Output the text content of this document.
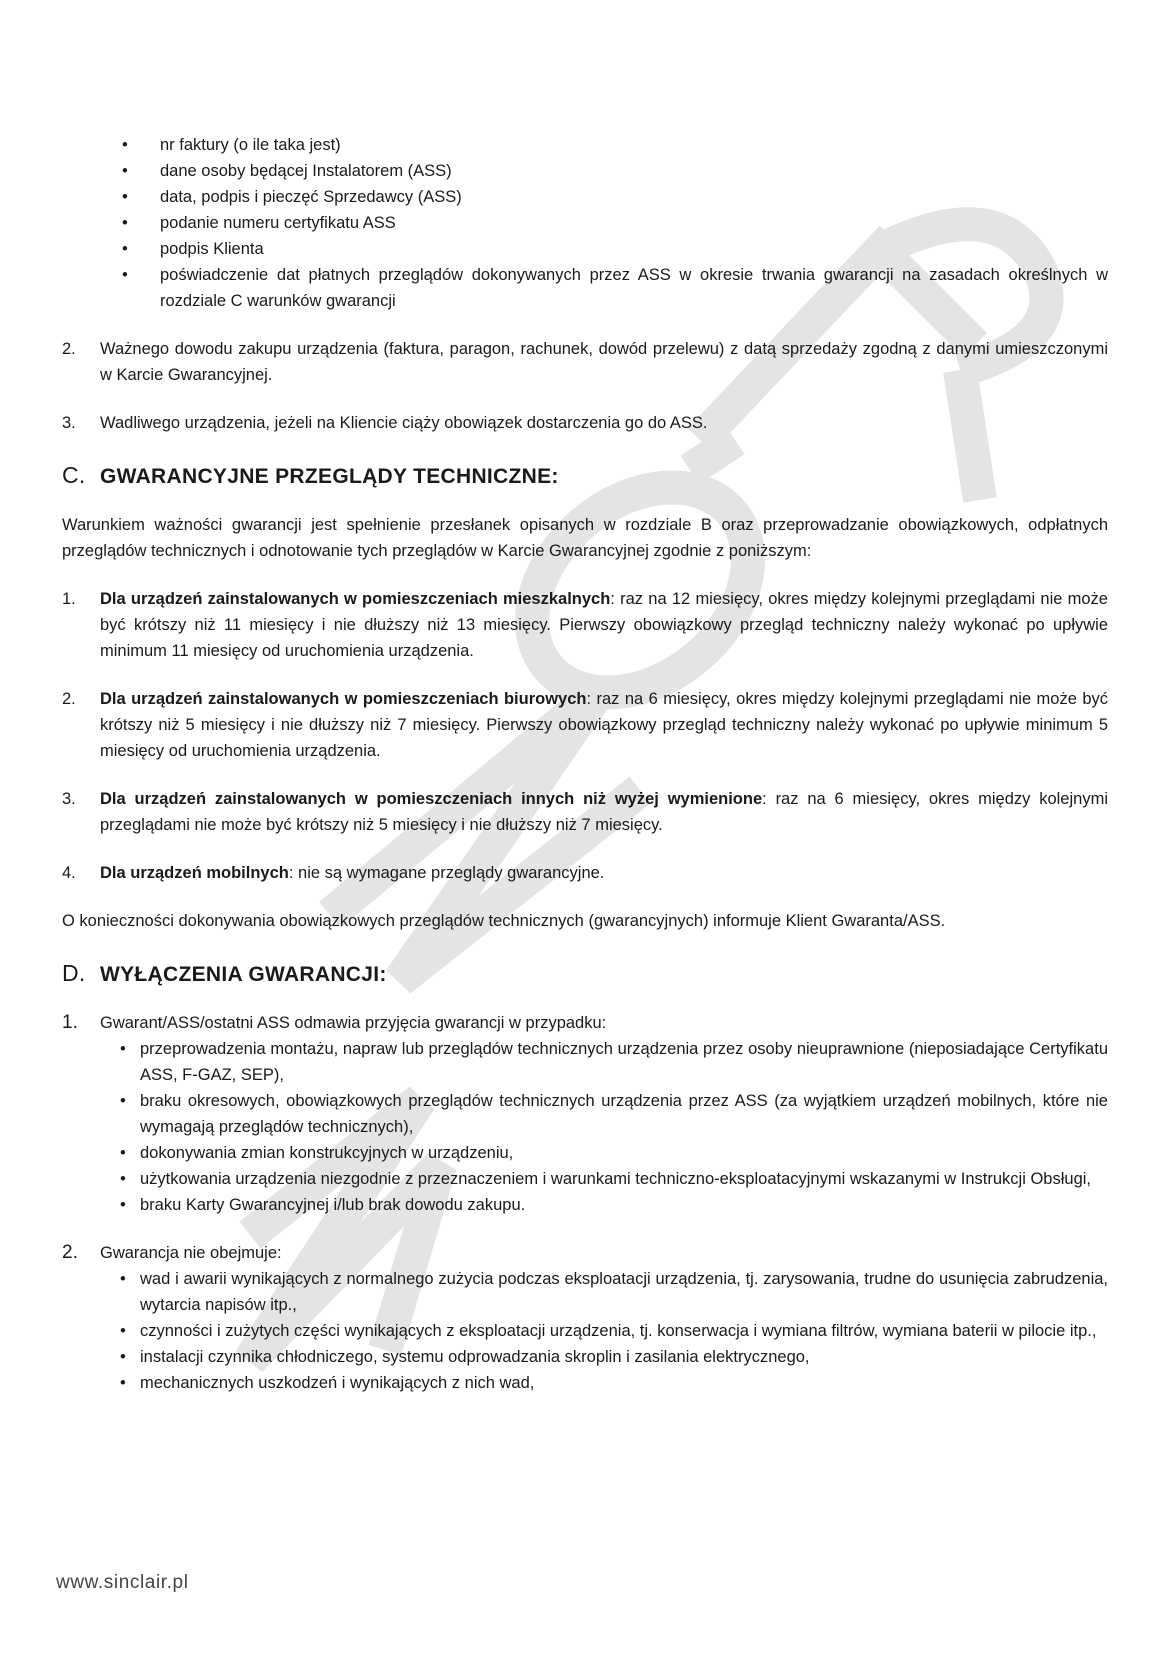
• nr faktury (o ile taka jest)
• dane osoby będącej Instalatorem (ASS)
• data, podpis i pieczęć Sprzedawcy (ASS)
• podanie numeru certyfikatu ASS
• podpis Klienta
• poświadczenie dat płatnych przeglądów dokonywanych przez ASS w okresie trwania gwarancji na zasadach określnych w rozdziale C warunków gwarancji
2. Ważnego dowodu zakupu urządzenia (faktura, paragon, rachunek, dowód przelewu) z datą sprzedaży zgodną z danymi umieszczonymi w Karcie Gwarancyjnej.
3. Wadliwego urządzenia, jeżeli na Kliencie ciąży obowiązek dostarczenia go do ASS.
C. GWARANCYJNE PRZEGLĄDY TECHNICZNE:

Warunkiem ważności gwarancji jest spełnienie przesłanek opisanych w rozdziale B oraz przeprowadzanie obowiązkowych, odpłatnych przeglądów technicznych i odnotowanie tych przeglądów w Karcie Gwarancyjnej zgodnie z poniższym:

1. Dla urządzeń zainstalowanych w pomieszczeniach mieszkalnych: raz na 12 miesięcy, okres między kolejnymi przeglądami nie może być krótszy niż 11 miesięcy i nie dłuższy niż 13 miesięcy. Pierwszy obowiązkowy przegląd techniczny należy wykonać po upływie minimum 11 miesięcy od uruchomienia urządzenia.
2. Dla urządzeń zainstalowanych w pomieszczeniach biurowych: raz na 6 miesięcy, okres między kolejnymi przeglądami nie może być krótszy niż 5 miesięcy i nie dłuższy niż 7 miesięcy. Pierwszy obowiązkowy przegląd techniczny należy wykonać po upływie minimum 5 miesięcy od uruchomienia urządzenia.
3. Dla urządzeń zainstalowanych w pomieszczeniach innych niż wyżej wymienione: raz na 6 miesięcy, okres między kolejnymi przeglądami nie może być krótszy niż 5 miesięcy i nie dłuższy niż 7 miesięcy.
4. Dla urządzeń mobilnych: nie są wymagane przeglądy gwarancyjne.

O konieczności dokonywania obowiązkowych przeglądów technicznych (gwarancyjnych) informuje Klient Gwaranta/ASS.

D. WYŁĄCZENIA GWARANCJI:
1. Gwarant/ASS/ostatni ASS odmawia przyjęcia gwarancji w przypadku:
• przeprowadzenia montażu, napraw lub przeglądów technicznych urządzenia przez osoby nieuprawnione (nieposiadające Certyfikatu ASS, F-GAZ, SEP),
• braku okresowych, obowiązkowych przeglądów technicznych urządzenia przez ASS (za wyjątkiem urządzeń mobilnych, które nie wymagają przeglądów technicznych),
• dokonywania zmian konstrukcyjnych w urządzeniu,
• użytkowania urządzenia niezgodnie z przeznaczeniem i warunkami techniczno-eksploatacyjnymi wskazanymi w Instrukcji Obsługi,
• braku Karty Gwarancyjnej i/lub brak dowodu zakupu.
2. Gwarancja nie obejmuje:
• wad i awarii wynikających z normalnego zużycia podczas eksploatacji urządzenia, tj. zarysowania, trudne do usunięcia zabrudzenia, wytarcia napisów itp.,
• czynności i zużytych części wynikających z eksploatacji urządzenia, tj. konserwacja i wymiana filtrów, wymiana baterii w pilocie itp.,
• instalacji czynnika chłodniczego, systemu odprowadzania skroplin i zasilania elektrycznego,
• mechanicznych uszkodzeń i wynikających z nich wad,
www.sinclair.pl
